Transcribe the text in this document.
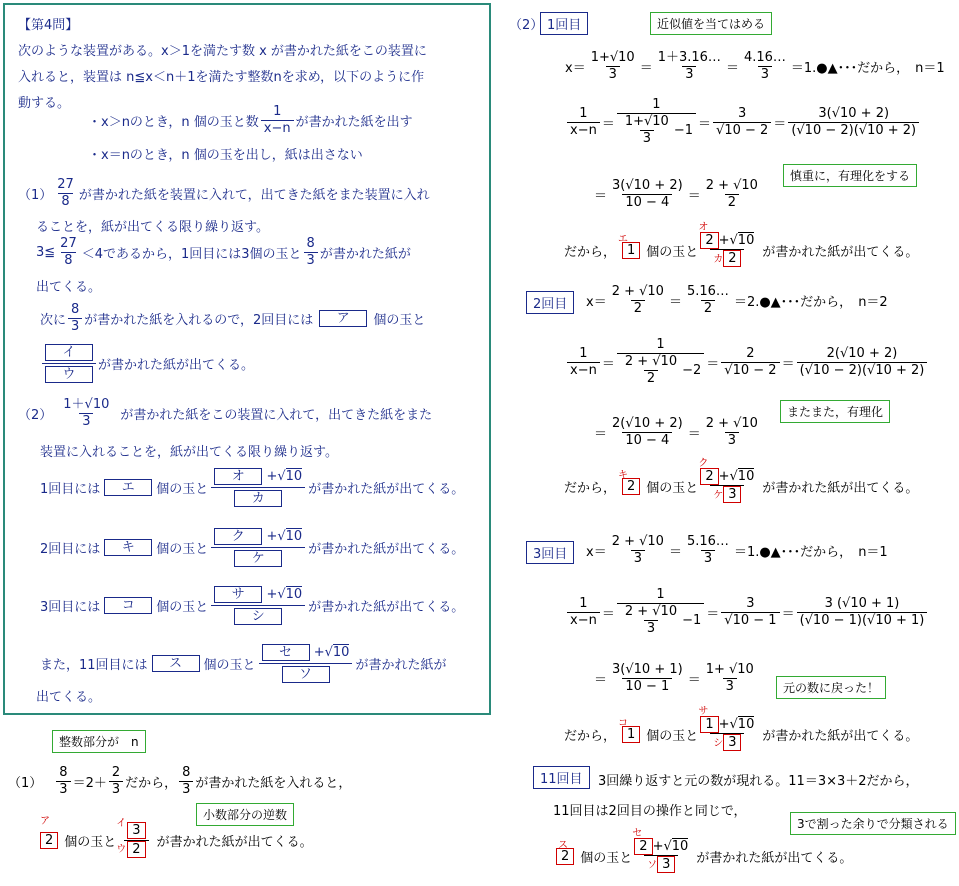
【第4問】
次のような装置がある。x＞1を満たす数 x が書かれた紙をこの装置に
入れると，装置は n≦x＜n＋1を満たす整数nを求め，以下のように作
動する。
・x＞nのとき，n 個の玉と数 $\frac{1}{x-n}$ が書かれた紙を出す
・x＝nのとき，n 個の玉を出し，紙は出さない
$(1) \frac{27}{8}$ が書かれた紙を装置に入れて，出てきた紙をまた装置に入れ
ることを，紙が出てくる限り繰り返す。
3≦ $\frac{27}{8} <4$であるから，1回目には3個の玉と
8
3 が書かれた紙が
出てくる。
次に $\frac{8}{3}$ が書かれた紙を入れるので，2回目には	ア	個の玉と
イ
ウ
が書かれた紙が出てくる。
$(2) \frac{1+√10}{3}$ が書かれた紙をこの装置に入れて，出てきた紙をまた
装置に入れることを，紙が出てくる限り繰り返す。
1回目には	エ	個の玉と
オ +√10
カ
が書かれた紙が出てくる。
2回目には	キ	個の玉と
ク +√10
ケ
が書かれた紙が出てくる。
3回目には	コ	個の玉と
サ +√10
シ
が書かれた紙が出てくる。
また，11回目には	ス	個の玉と
セ +√10
ソ
が書かれた紙が
出てくる。
整数部分が　n
$(1) \frac{8}{3} =2+ \frac{2}{3}$ だから， $\frac{8}{3}$ が書かれた紙を入れると，
小数部分の逆数
ア
2 個の玉と
イ 3
2
ウ が書かれた紙が出てくる。
（2） 1回目	近似値を当てはめる
$x= \frac{1+√10}{3} = \frac{1+3.16\dots}{3} = \frac{4.16\dots}{3}$ ＝1.●▲･･･だから， n＝1
$\frac{1}{x-n}$ ＝
1
$\frac{1+√10}{3} -1 = \frac{3}{√10 - 2} = \frac{3(√10 + 2)}{(√10 - 2)(√10 + 2)}$
慎重に，有理化をする
＝ $\frac{3(√10 + 2)}{10 - 4} = \frac{2 + √10}{2}$
だから，
エ
1 個の玉と
オ
2 +√10
カ 2	が書かれた紙が出てくる。
2回目	$x= \frac{2 + √10}{2} = \frac{5.16\dots}{2}$ ＝2.●▲･･･だから， n＝2
$\frac{1}{x-n}$ ＝
1
$\frac{2 + √10}{2} -2 = \frac{2}{√10 - 2} = \frac{2(√10 + 2)}{(√10 - 2)(√10 + 2)}$
またまた，有理化
＝ $\frac{2(√10 + 2)}{10 - 4} = \frac{2 + √10}{3}$
だから，
キ
2 個の玉と
ク
2 +√10
ケ 3	が書かれた紙が出てくる。
3回目	$x= \frac{2 + √10}{3} = \frac{5.16\dots}{3}$ ＝1.●▲･･･だから， n＝1
$\frac{1}{x-n}$ ＝
1
$\frac{2 + √10}{3} -1 = \frac{3}{√10 - 1} = \frac{3 (√10 + 1)}{(√10 - 1)(√10 + 1)}$
＝ $\frac{3(√10 + 1)}{10 - 1} = \frac{1+ √10}{3}$	元の数に戻った！
だから，
コ
1 個の玉と
サ
1 +√10
シ 3	が書かれた紙が出てくる。
11回目	3回繰り返すと元の数が現れる。11＝3×3＋2だから，
11回目は2回目の操作と同じで，
3で割った余りで分類される
ス
2 個の玉と
セ
2 +√10
ソ 3	が書かれた紙が出てくる。
